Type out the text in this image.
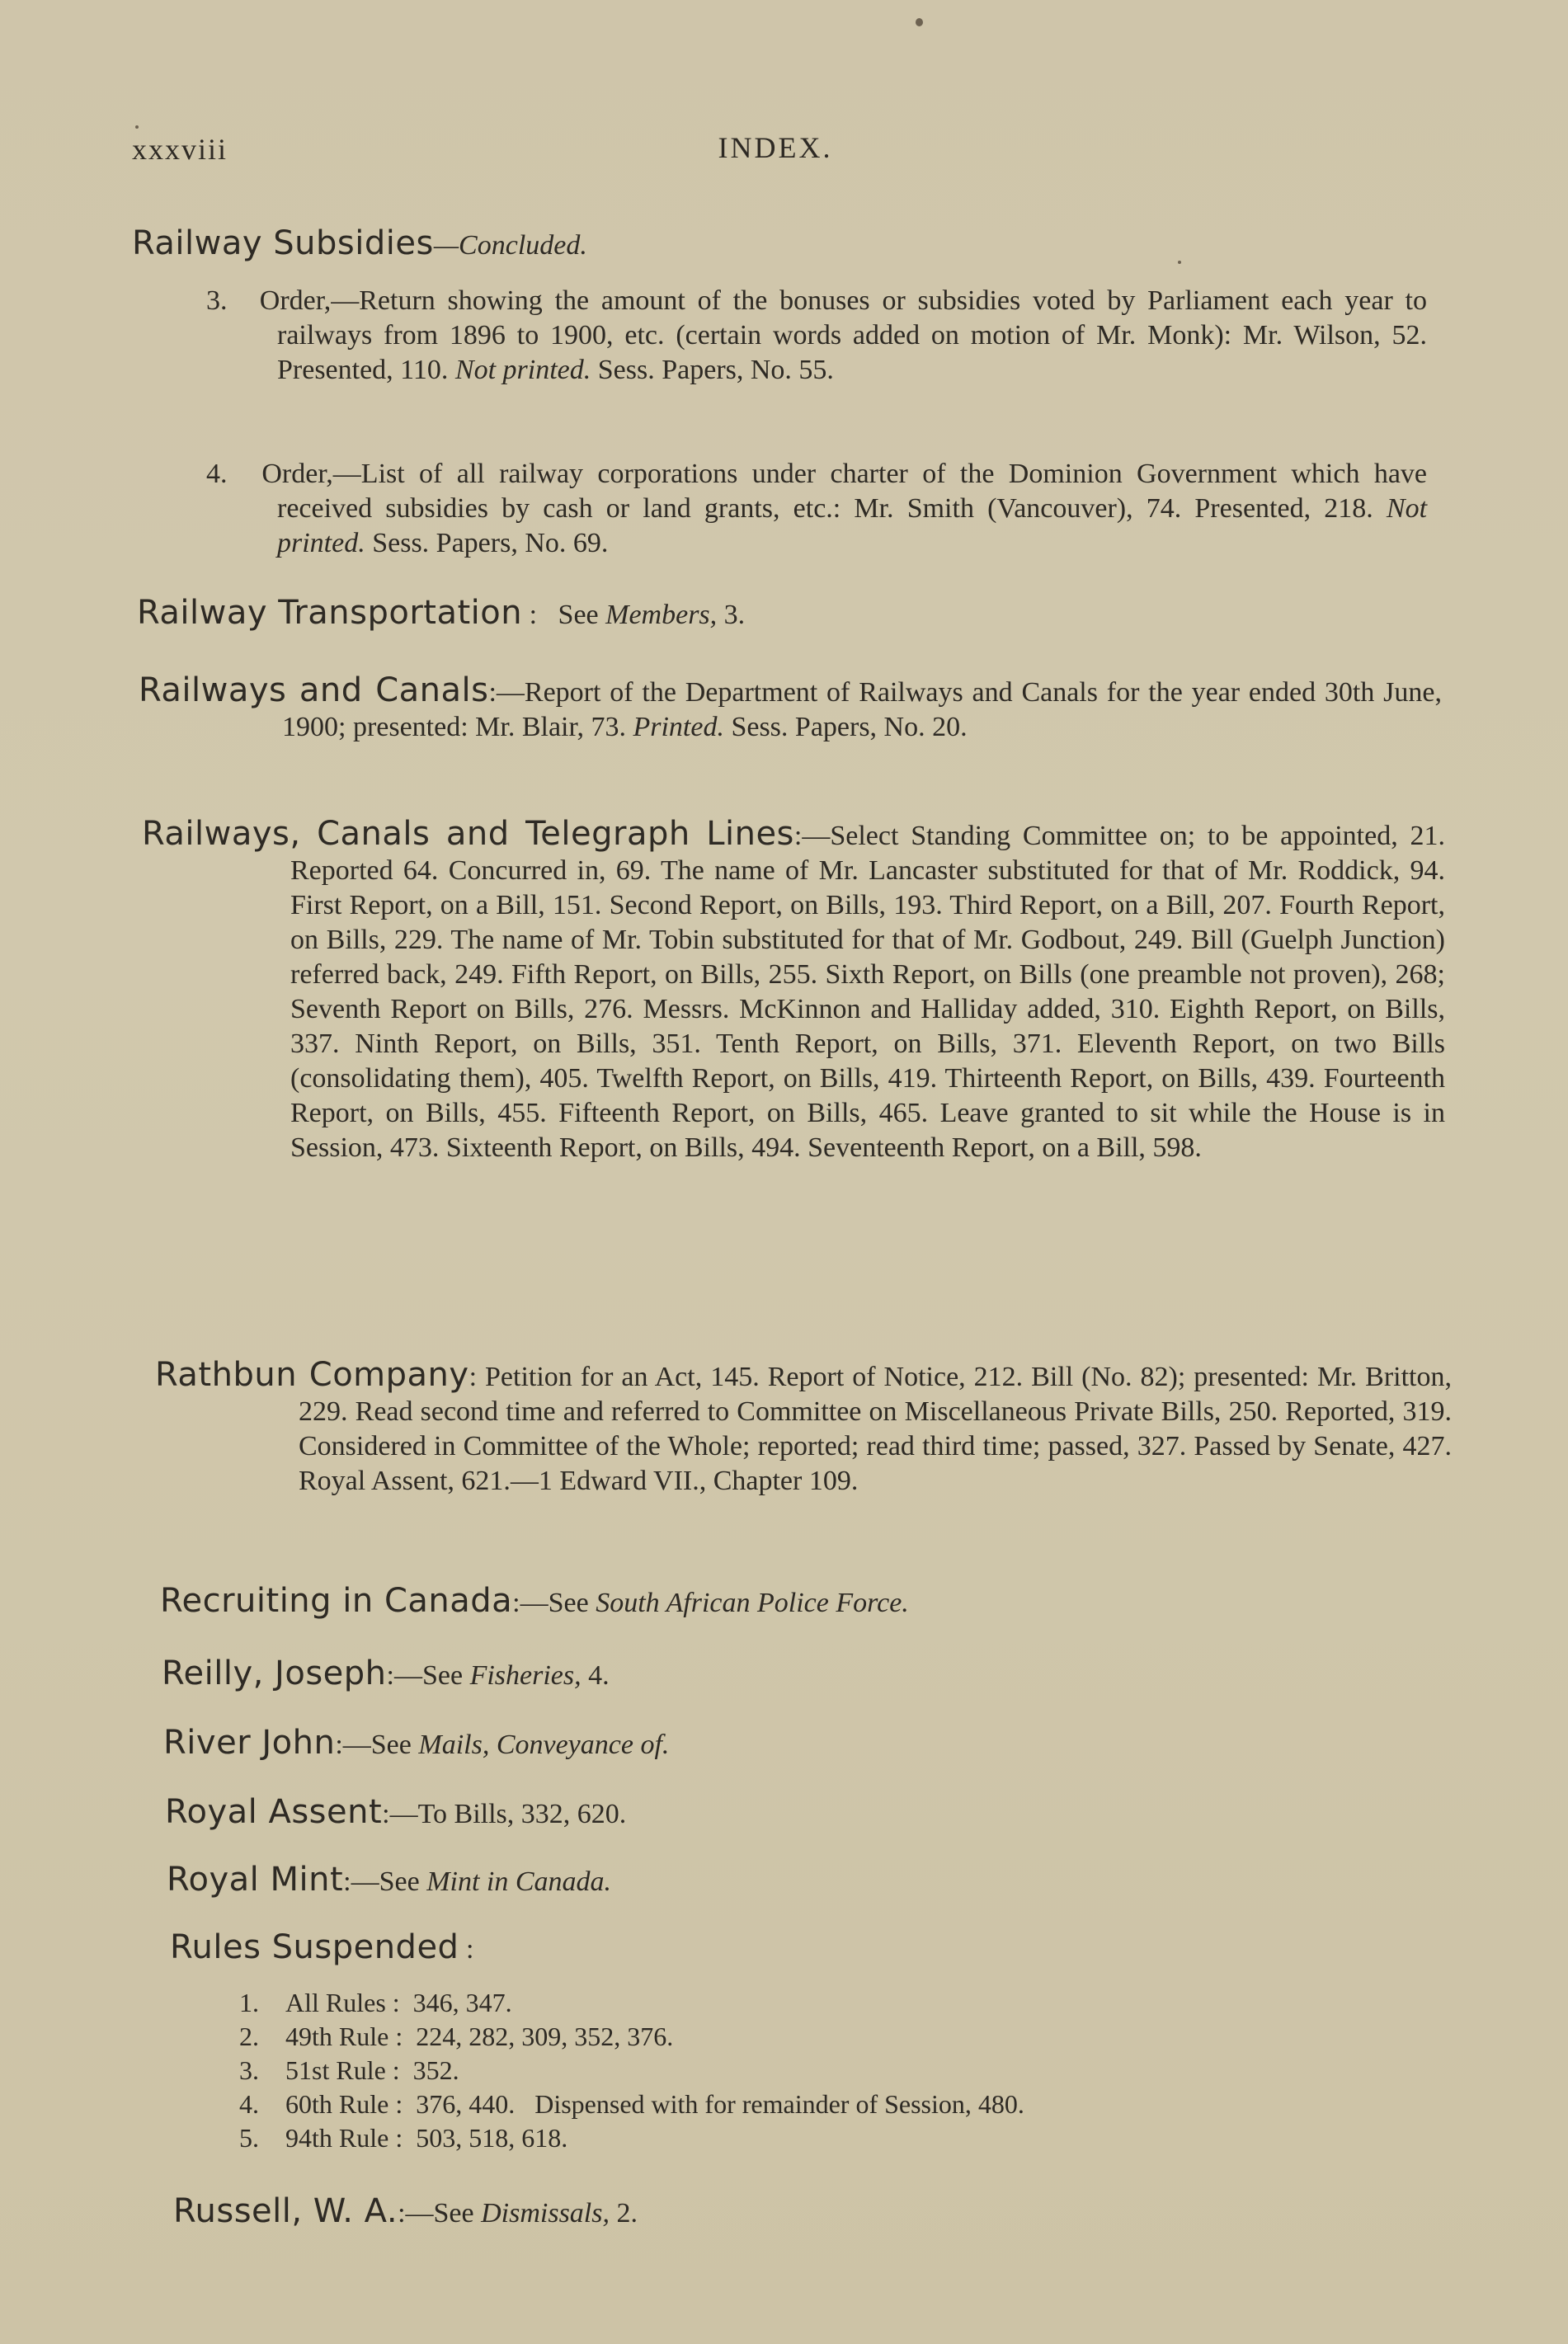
xxxviii	INDEX.
Railway Subsidies—Concluded.
3. Order,—Return showing the amount of the bonuses or subsidies voted by Parliament each year to railways from 1896 to 1900, etc. (certain words added on motion of Mr. Monk): Mr. Wilson, 52. Presented, 110. Not printed. Sess. Papers, No. 55.
4. Order,—List of all railway corporations under charter of the Dominion Government which have received subsidies by cash or land grants, etc.: Mr. Smith (Vancouver), 74. Presented, 218. Not printed. Sess. Papers, No. 69.
Railway Transportation :   See Members, 3.
Railways and Canals:—Report of the Department of Railways and Canals for the year ended 30th June, 1900; presented: Mr. Blair, 73. Printed. Sess. Papers, No. 20.
Railways, Canals and Telegraph Lines:—Select Standing Committee on; to be appointed, 21. Reported 64. Concurred in, 69. The name of Mr. Lancaster substituted for that of Mr. Roddick, 94. First Report, on a Bill, 151. Second Report, on Bills, 193. Third Report, on a Bill, 207. Fourth Report, on Bills, 229. The name of Mr. Tobin substituted for that of Mr. Godbout, 249. Bill (Guelph Junction) referred back, 249. Fifth Report, on Bills, 255. Sixth Report, on Bills (one preamble not proven), 268; Seventh Report on Bills, 276. Messrs. McKinnon and Halliday added, 310. Eighth Report, on Bills, 337. Ninth Report, on Bills, 351. Tenth Report, on Bills, 371. Eleventh Report, on two Bills (consolidating them), 405. Twelfth Report, on Bills, 419. Thirteenth Report, on Bills, 439. Fourteenth Report, on Bills, 455. Fifteenth Report, on Bills, 465. Leave granted to sit while the House is in Session, 473. Sixteenth Report, on Bills, 494. Seventeenth Report, on a Bill, 598.
Rathbun Company: Petition for an Act, 145. Report of Notice, 212. Bill (No. 82); presented: Mr. Britton, 229. Read second time and referred to Committee on Miscellaneous Private Bills, 250. Reported, 319. Considered in Committee of the Whole; reported; read third time; passed, 327. Passed by Senate, 427. Royal Assent, 621.—1 Edward VII., Chapter 109.
Recruiting in Canada:—See South African Police Force.
Reilly, Joseph:—See Fisheries, 4.
River John:—See Mails, Conveyance of.
Royal Assent:—To Bills, 332, 620.
Royal Mint:—See Mint in Canada.
Rules Suspended :
1. All Rules :  346, 347.
2. 49th Rule :  224, 282, 309, 352, 376.
3. 51st Rule :  352.
4. 60th Rule :  376, 440.   Dispensed with for remainder of Session, 480.
5. 94th Rule :  503, 518, 618.
Russell, W. A.:—See Dismissals, 2.
